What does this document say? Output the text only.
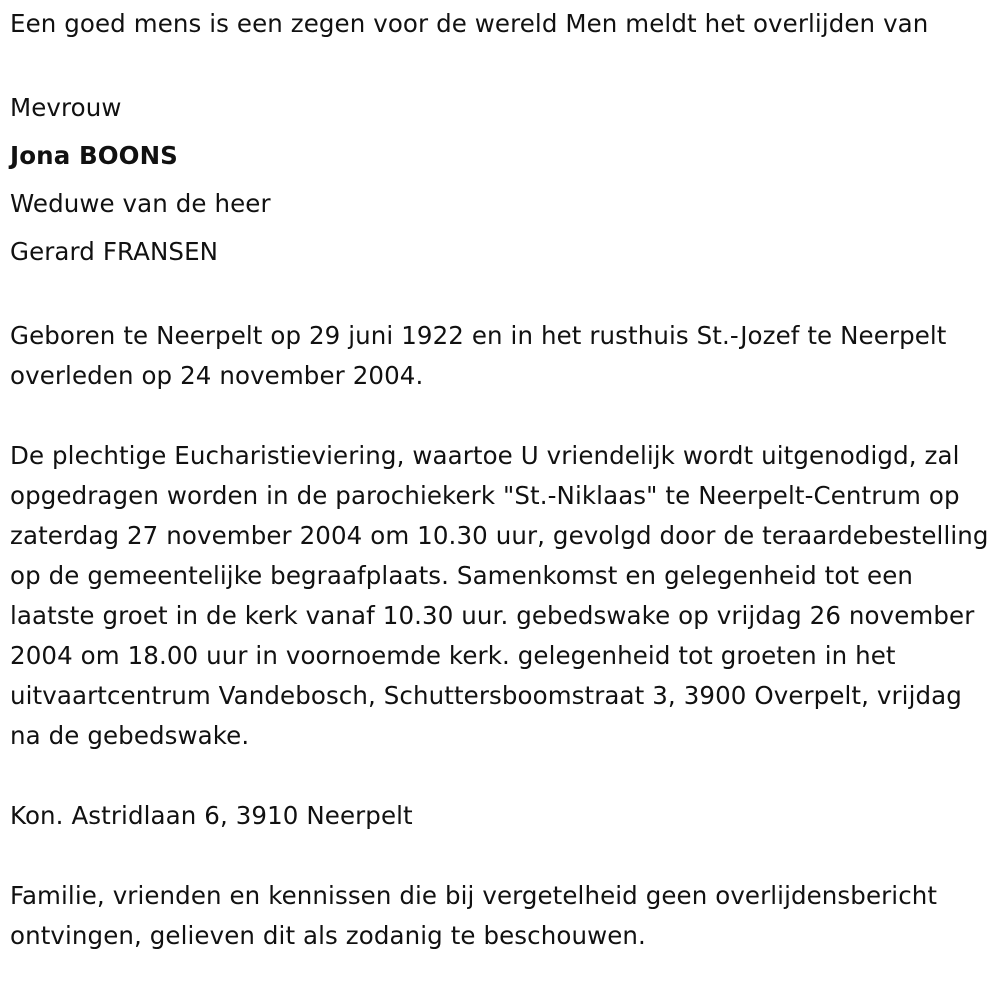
Een goed mens is een zegen voor de wereld Men meldt het overlijden van
Mevrouw
Jona BOONS
Weduwe van de heer
Gerard FRANSEN
Geboren te Neerpelt op 29 juni 1922 en in het rusthuis St.-Jozef te Neerpelt overleden op 24 november 2004.
De plechtige Eucharistieviering, waartoe U vriendelijk wordt uitgenodigd, zal opgedragen worden in de parochiekerk "St.-Niklaas" te Neerpelt-Centrum op zaterdag 27 november 2004 om 10.30 uur, gevolgd door de teraardebestelling op de gemeentelijke begraafplaats. Samenkomst en gelegenheid tot een laatste groet in de kerk vanaf 10.30 uur. gebedswake op vrijdag 26 november 2004 om 18.00 uur in voornoemde kerk. gelegenheid tot groeten in het uitvaartcentrum Vandebosch, Schuttersboomstraat 3, 3900 Overpelt, vrijdag na de gebedswake.
Kon. Astridlaan 6, 3910 Neerpelt
Familie, vrienden en kennissen die bij vergetelheid geen overlijdensbericht ontvingen, gelieven dit als zodanig te beschouwen.
